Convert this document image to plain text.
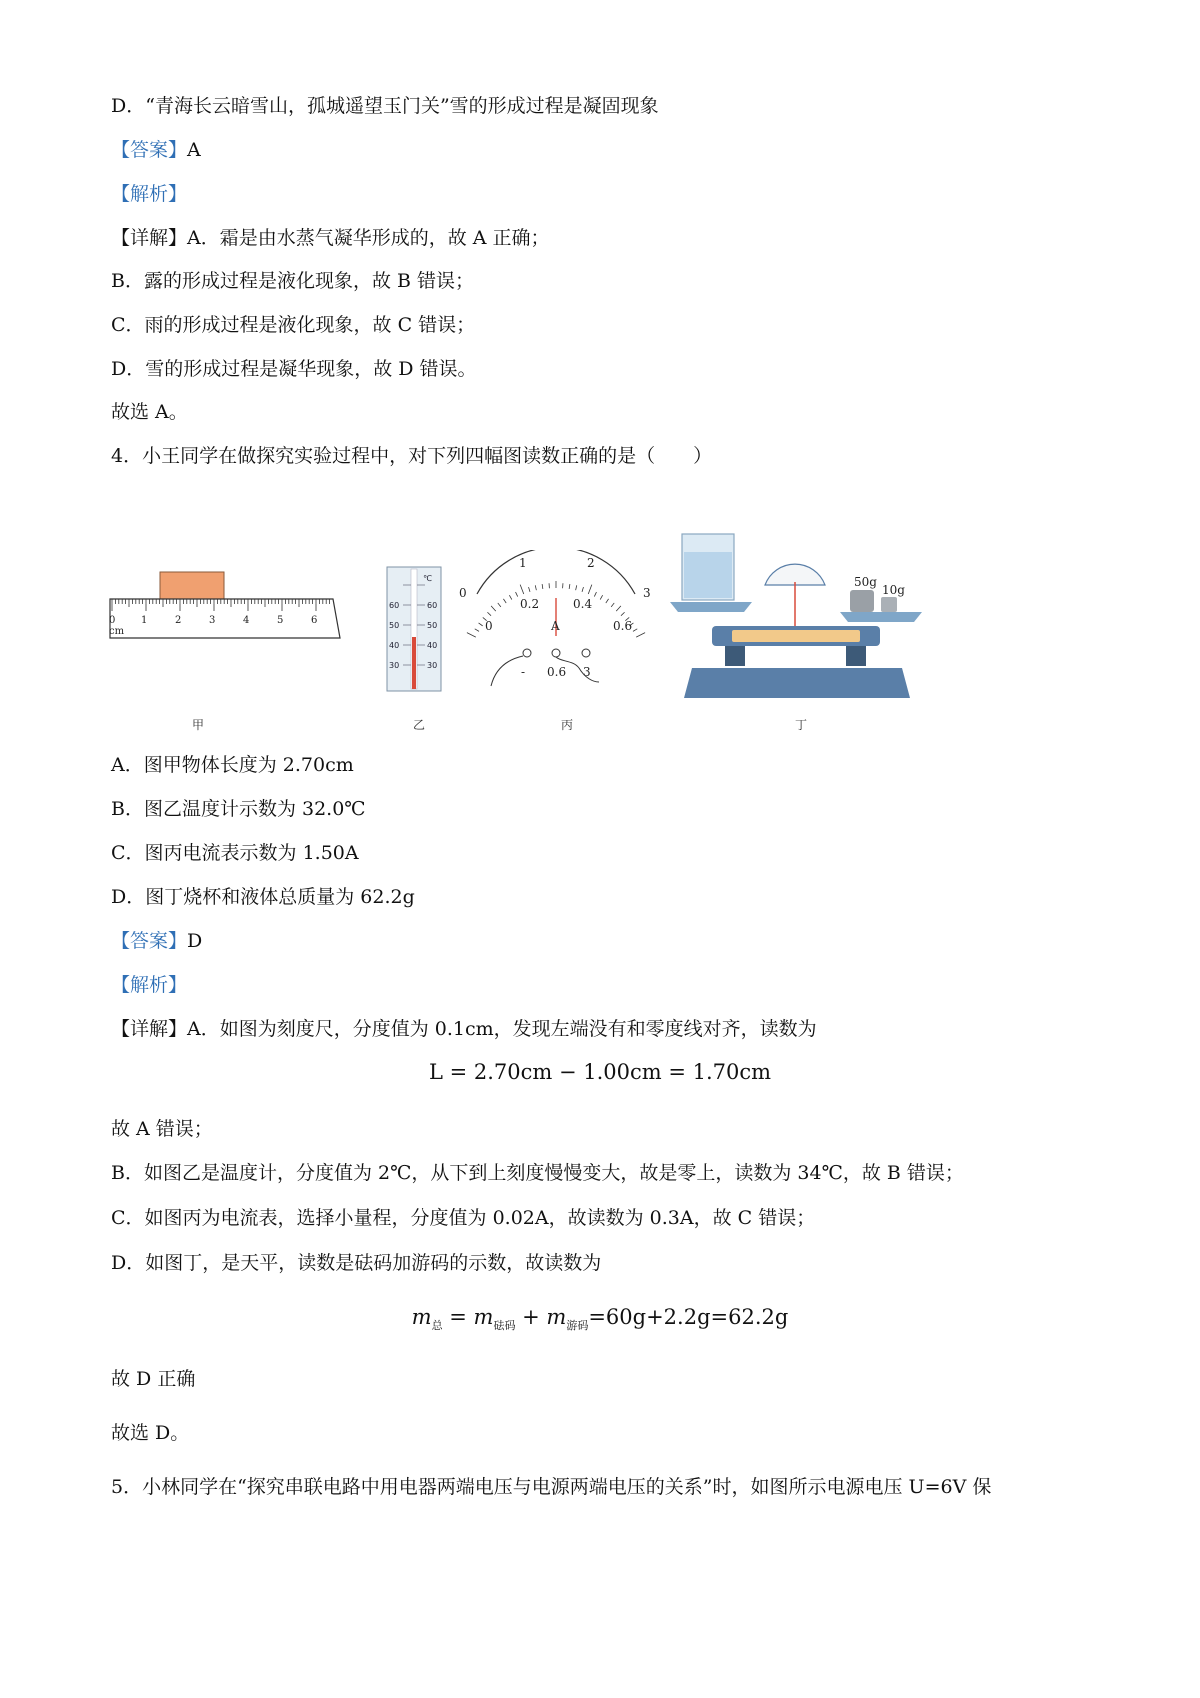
D．“青海长云暗雪山，孤城遥望玉门关”雪的形成过程是凝固现象
【答案】A
【解析】
【详解】A．霜是由水蒸气凝华形成的，故 A 正确；
B．露的形成过程是液化现象，故 B 错误；
C．雨的形成过程是液化现象，故 C 错误；
D．雪的形成过程是凝华现象，故 D 错误。
故选 A。
4．小王同学在做探究实验过程中，对下列四幅图读数正确的是（　　）
0	1	2	3	4	5	6
cm
甲
℃
60
50
40
30
60
50
40
30
乙
0
1	2
3
0
0.2	0.4
0.6
A
- 0.6 3
丙
50g
10g
丁
A．图甲物体长度为 2.70cm
B．图乙温度计示数为 32.0℃
C．图丙电流表示数为 1.50A
D．图丁烧杯和液体总质量为 62.2g
【答案】D
【解析】
【详解】A．如图为刻度尺，分度值为 0.1cm，发现左端没有和零度线对齐，读数为
L = 2.70cm − 1.00cm = 1.70cm
故 A 错误；
B．如图乙是温度计，分度值为 2℃，从下到上刻度慢慢变大，故是零上，读数为 34℃，故 B 错误；
C．如图丙为电流表，选择小量程，分度值为 0.02A，故读数为 0.3A，故 C 错误；
D．如图丁，是天平，读数是砝码加游码的示数，故读数为
$m_总 = m_{砝码} + m_{游码}=60g+2.2g=62.2g$
故 D 正确
故选 D。
5．小林同学在“探究串联电路中用电器两端电压与电源两端电压的关系”时，如图所示电源电压 U=6V 保
